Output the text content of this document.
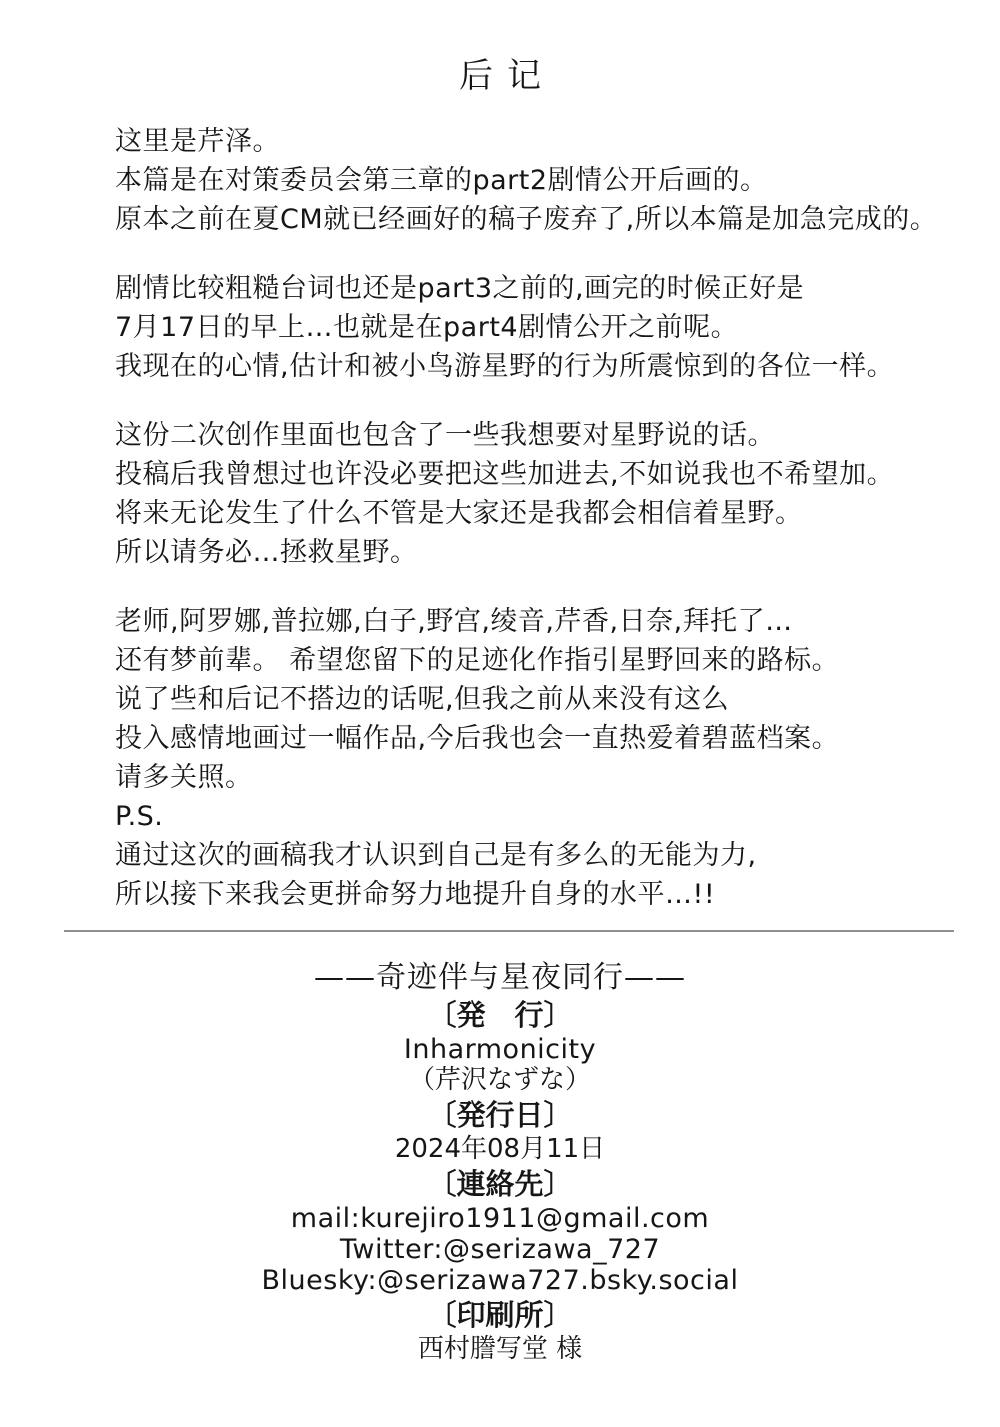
后记
这里是芹泽。
本篇是在对策委员会第三章的part2剧情公开后画的。
原本之前在夏CM就已经画好的稿子废弃了,所以本篇是加急完成的。
剧情比较粗糙台词也还是part3之前的,画完的时候正好是
7月17日的早上…也就是在part4剧情公开之前呢。
我现在的心情,估计和被小鸟游星野的行为所震惊到的各位一样。
这份二次创作里面也包含了一些我想要对星野说的话。
投稿后我曾想过也许没必要把这些加进去,不如说我也不希望加。
将来无论发生了什么不管是大家还是我都会相信着星野。
所以请务必…拯救星野。
老师,阿罗娜,普拉娜,白子,野宫,绫音,芹香,日奈,拜托了…
还有梦前辈。 希望您留下的足迹化作指引星野回来的路标。
说了些和后记不搭边的话呢,但我之前从来没有这么
投入感情地画过一幅作品,今后我也会一直热爱着碧蓝档案。
请多关照。
P.S.
通过这次的画稿我才认识到自己是有多么的无能为力,
所以接下来我会更拼命努力地提升自身的水平…!!
——奇迹伴与星夜同行——
〔発　行〕
Inharmonicity
（芹沢なずな）
〔発行日〕
2024年08月11日
〔連絡先〕
mail:kurejiro1911@gmail.com
Twitter:@serizawa_727
Bluesky:@serizawa727.bsky.social
〔印刷所〕
西村謄写堂 様
